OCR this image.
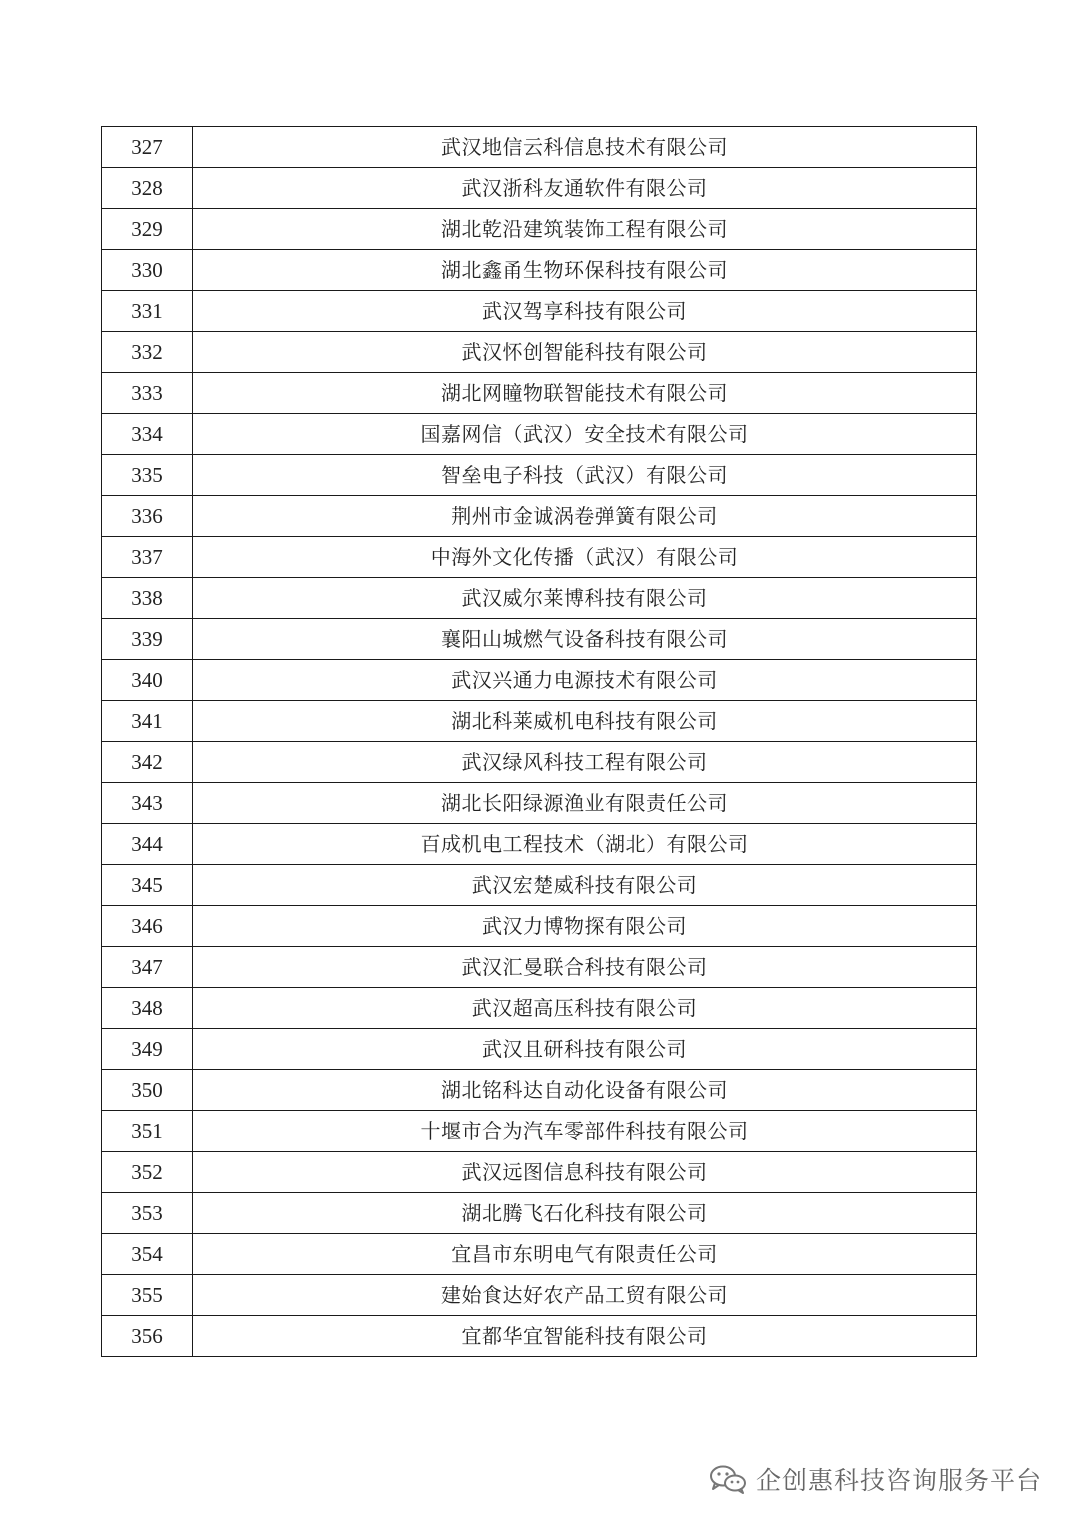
327	武汉地信云科信息技术有限公司
328	武汉浙科友通软件有限公司
329	湖北乾沿建筑装饰工程有限公司
330	湖北鑫甬生物环保科技有限公司
331	武汉驾享科技有限公司
332	武汉怀创智能科技有限公司
333	湖北网瞳物联智能技术有限公司
334	国嘉网信（武汉）安全技术有限公司
335	智垒电子科技（武汉）有限公司
336	荆州市金诚涡卷弹簧有限公司
337	中海外文化传播（武汉）有限公司
338	武汉威尔莱博科技有限公司
339	襄阳山城燃气设备科技有限公司
340	武汉兴通力电源技术有限公司
341	湖北科莱威机电科技有限公司
342	武汉绿风科技工程有限公司
343	湖北长阳绿源渔业有限责任公司
344	百成机电工程技术（湖北）有限公司
345	武汉宏楚威科技有限公司
346	武汉力博物探有限公司
347	武汉汇曼联合科技有限公司
348	武汉超高压科技有限公司
349	武汉且研科技有限公司
350	湖北铭科达自动化设备有限公司
351	十堰市合为汽车零部件科技有限公司
352	武汉远图信息科技有限公司
353	湖北腾飞石化科技有限公司
354	宜昌市东明电气有限责任公司
355	建始食达好农产品工贸有限公司
356	宜都华宜智能科技有限公司
企创惠科技咨询服务平台
